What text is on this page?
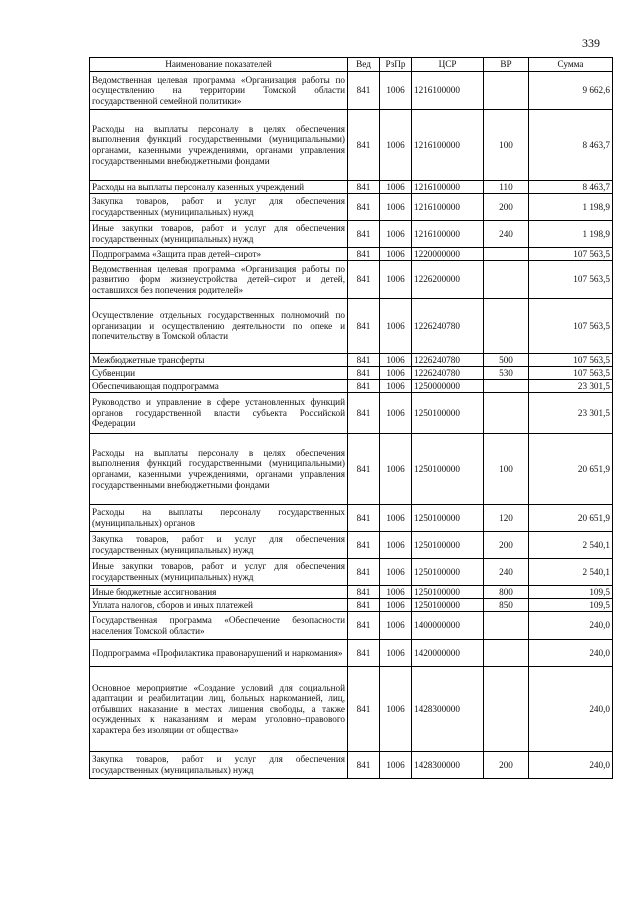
339
Наименование показателей	Вед	РзПр	ЦСР	ВР	Сумма
Ведомственная целевая программа «Организация работы по осуществлению на территории Томской области государственной семейной политики»	841	1006	1216100000		9 662,6
Расходы на выплаты персоналу в целях обеспечения выполнения функций государственными (муниципальными) органами, казенными учреждениями, органами управления государственными внебюджетными фондами	841	1006	1216100000	100	8 463,7
Расходы на выплаты персоналу казенных учреждений	841	1006	1216100000	110	8 463,7
Закупка товаров, работ и услуг для обеспечения государственных (муниципальных) нужд	841	1006	1216100000	200	1 198,9
Иные закупки товаров, работ и услуг для обеспечения государственных (муниципальных) нужд	841	1006	1216100000	240	1 198,9
Подпрограмма «Защита прав детей–сирот»	841	1006	1220000000		107 563,5
Ведомственная целевая программа «Организация работы по развитию форм жизнеустройства детей–сирот и детей, оставшихся без попечения родителей»	841	1006	1226200000		107 563,5
Осуществление отдельных государственных полномочий по организации и осуществлению деятельности по опеке и попечительству в Томской области	841	1006	1226240780		107 563,5
Межбюджетные трансферты	841	1006	1226240780	500	107 563,5
Субвенции	841	1006	1226240780	530	107 563,5
Обеспечивающая подпрограмма	841	1006	1250000000		23 301,5
Руководство и управление в сфере установленных функций органов государственной власти субъекта Российской Федерации	841	1006	1250100000		23 301,5
Расходы на выплаты персоналу в целях обеспечения выполнения функций государственными (муниципальными) органами, казенными учреждениями, органами управления государственными внебюджетными фондами	841	1006	1250100000	100	20 651,9
Расходы на выплаты персоналу государственных (муниципальных) органов	841	1006	1250100000	120	20 651,9
Закупка товаров, работ и услуг для обеспечения государственных (муниципальных) нужд	841	1006	1250100000	200	2 540,1
Иные закупки товаров, работ и услуг для обеспечения государственных (муниципальных) нужд	841	1006	1250100000	240	2 540,1
Иные бюджетные ассигнования	841	1006	1250100000	800	109,5
Уплата налогов, сборов и иных платежей	841	1006	1250100000	850	109,5
Государственная программа «Обеспечение безопасности населения Томской области»	841	1006	1400000000		240,0
Подпрограмма «Профилактика правонарушений и наркомания»	841	1006	1420000000		240,0
Основное мероприятие «Создание условий для социальной адаптации и реабилитации лиц, больных наркоманией, лиц, отбывших наказание в местах лишения свободы, а также осужденных к наказаниям и мерам уголовно–правового характера без изоляции от общества»	841	1006	1428300000		240,0
Закупка товаров, работ и услуг для обеспечения государственных (муниципальных) нужд	841	1006	1428300000	200	240,0
